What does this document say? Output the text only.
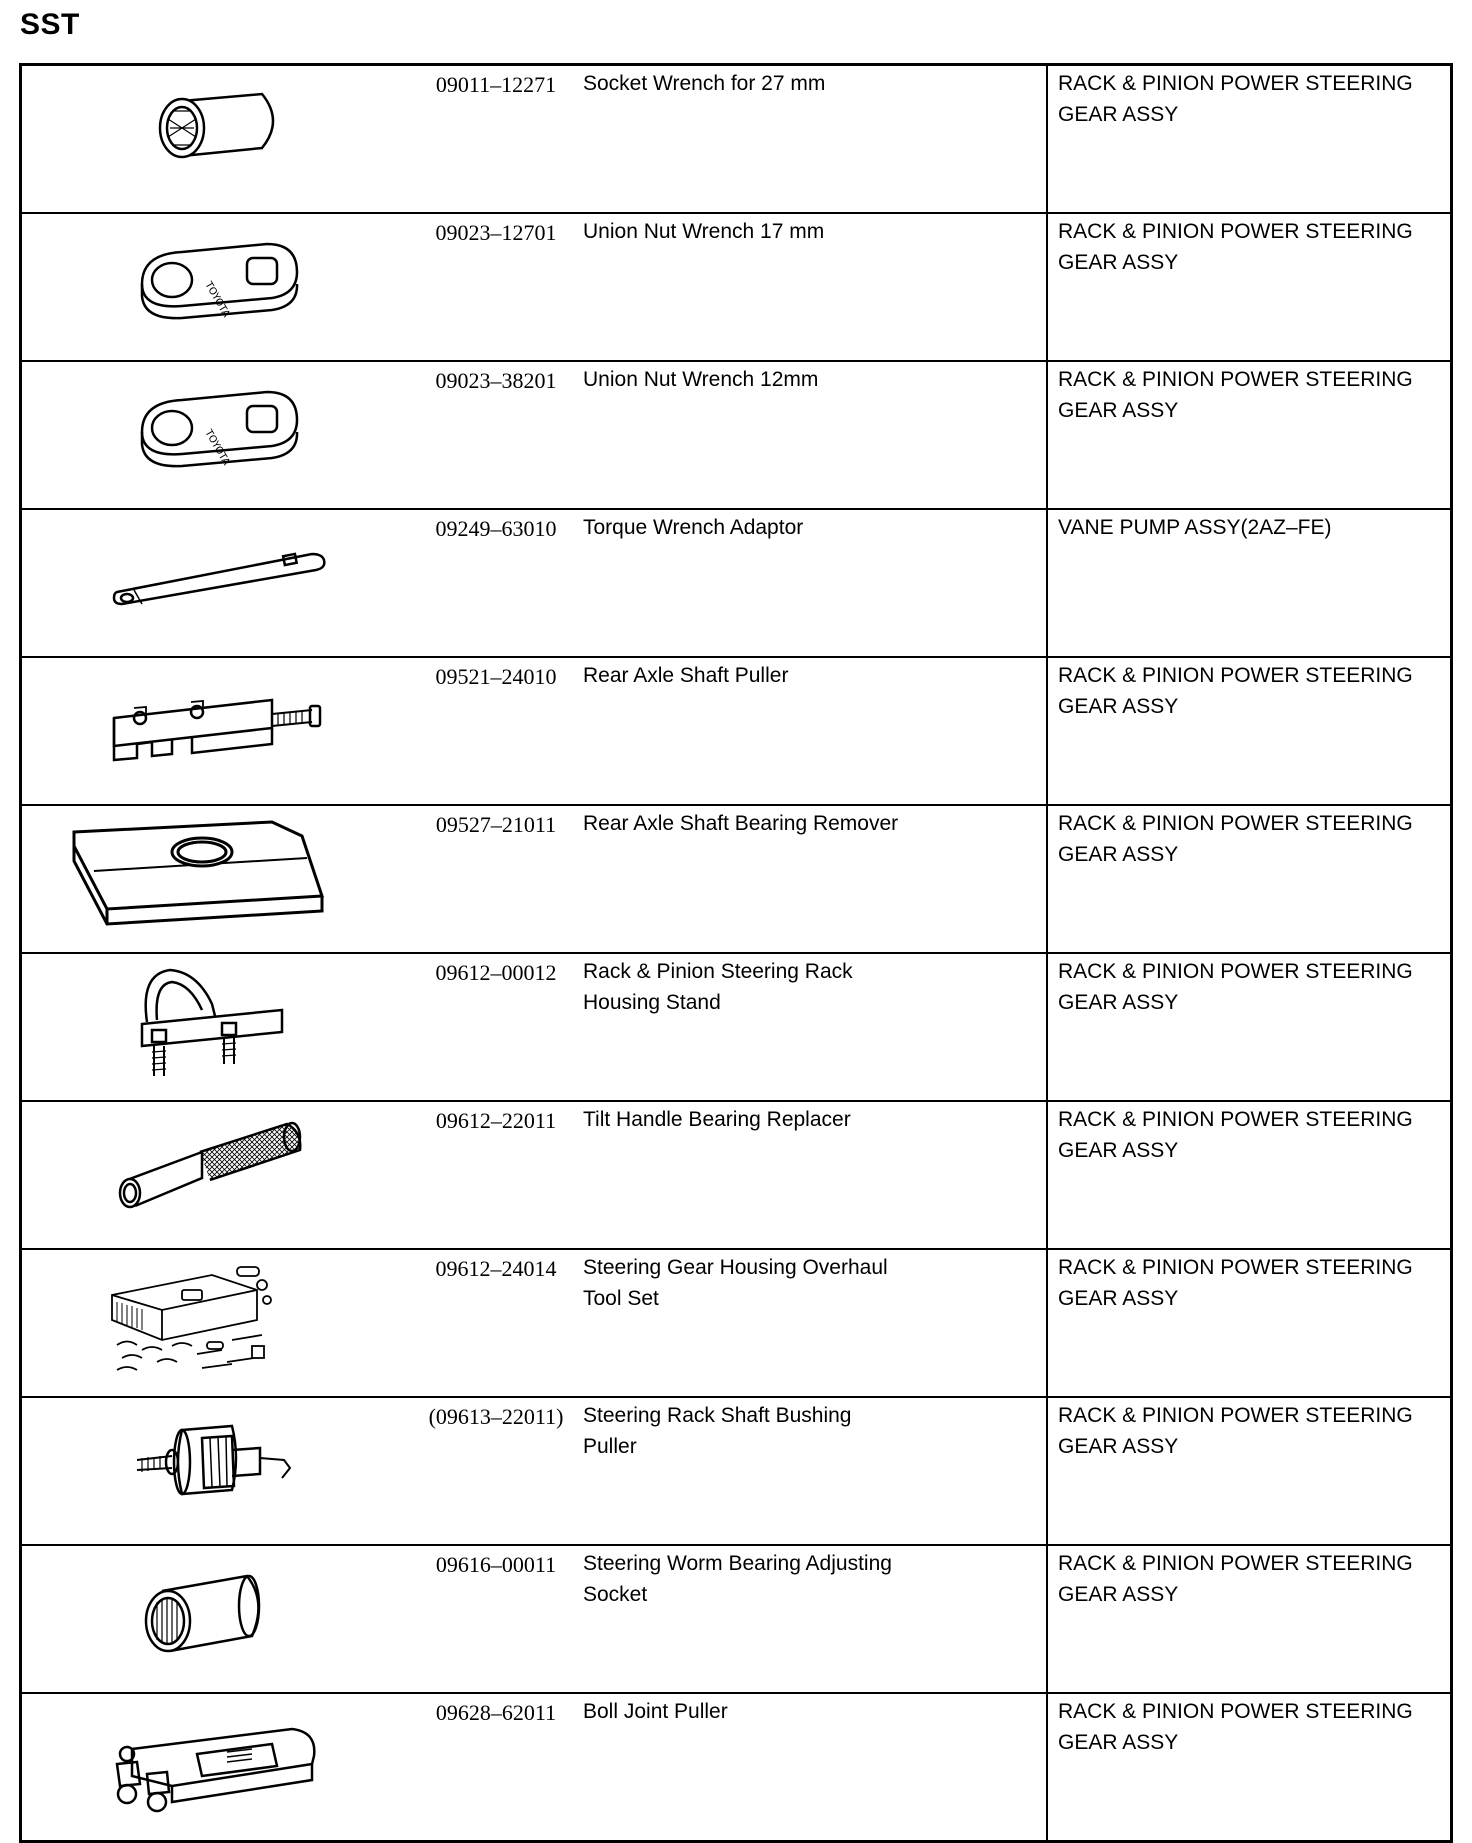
SST
	09011–12271	Socket Wrench for 27 mm	RACK & PINION POWER STEERING GEAR ASSY

TOYOTA	09023–12701	Union Nut Wrench 17 mm	RACK & PINION POWER STEERING GEAR ASSY

TOYOTA	09023–38201	Union Nut Wrench 12mm	RACK & PINION POWER STEERING GEAR ASSY

	09249–63010	Torque Wrench Adaptor	VANE PUMP ASSY(2AZ–FE)

	09521–24010	Rear Axle Shaft Puller	RACK & PINION POWER STEERING GEAR ASSY

	09527–21011	Rear Axle Shaft Bearing Remover	RACK & PINION POWER STEERING GEAR ASSY

	09612–00012	Rack & Pinion Steering Rack
Housing Stand	RACK & PINION POWER STEERING GEAR ASSY

	09612–22011	Tilt Handle Bearing Replacer	RACK & PINION POWER STEERING GEAR ASSY

	09612–24014	Steering Gear Housing Overhaul
Tool Set	RACK & PINION POWER STEERING GEAR ASSY

	(09613–22011)	Steering Rack Shaft Bushing
Puller	RACK & PINION POWER STEERING GEAR ASSY

	09616–00011	Steering Worm Bearing Adjusting
Socket	RACK & PINION POWER STEERING GEAR ASSY

	09628–62011	Boll Joint Puller	RACK & PINION POWER STEERING GEAR ASSY
